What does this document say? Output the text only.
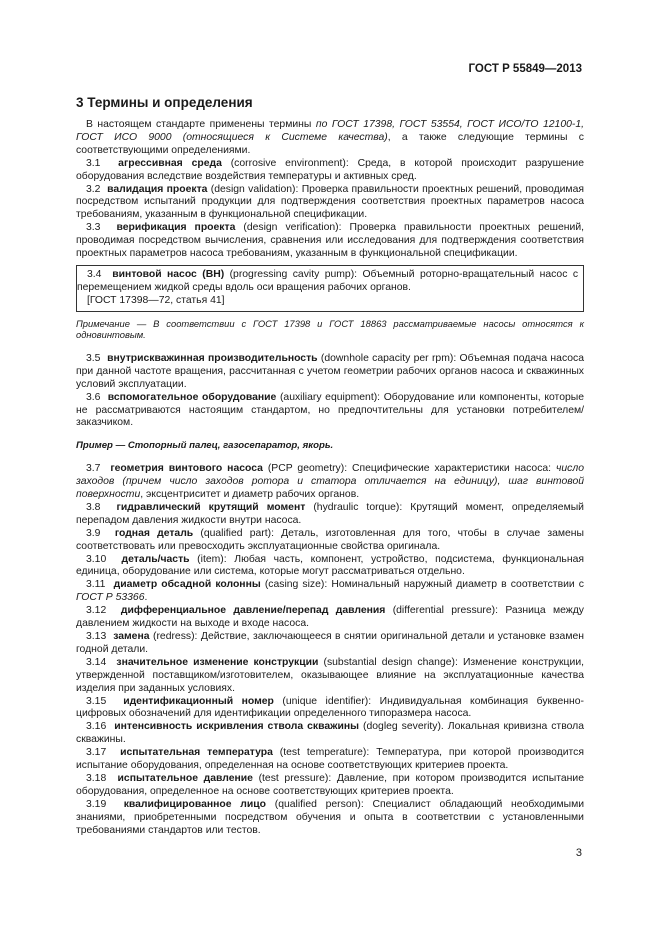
ГОСТ Р 55849—2013
3 Термины и определения

В настоящем стандарте применены термины по ГОСТ 17398, ГОСТ 53554, ГОСТ ИСО/ТО 12100-1, ГОСТ ИСО 9000 (относящиеся к Системе качества), а также следующие термины с соответствующими определениями.

3.1 агрессивная среда (corrosive environment): Среда, в которой происходит разрушение оборудования вследствие воздействия температуры и активных сред.

3.2 валидация проекта (design validation): Проверка правильности проектных решений, проводимая посредством испытаний продукции для подтверждения соответствия проектных параметров насоса требованиям, указанным в функциональной спецификации.

3.3 верификация проекта (design verification): Проверка правильности проектных решений, проводимая посредством вычисления, сравнения или исследования для подтверждения соответствия проектных параметров насоса требованиям, указанным в функциональной спецификации.

3.4 винтовой насос (ВН) (progressing cavity pump): Объемный роторно-вращательный насос с перемещением жидкой среды вдоль оси вращения рабочих органов.

[ГОСТ 17398—72, статья 41]

Примечание — В соответствии с ГОСТ 17398 и ГОСТ 18863 рассматриваемые насосы относятся к одновинтовым.

3.5 внутрискважинная производительность (downhole capacity per rpm): Объемная подача насоса при данной частоте вращения, рассчитанная с учетом геометрии рабочих органов насоса и скважинных условий эксплуатации.

3.6 вспомогательное оборудование (auxiliary equipment): Оборудование или компоненты, которые не рассматриваются настоящим стандартом, но предпочтительны для установки потребителем/заказчиком.

Пример — Стопорный палец, газосепаратор, якорь.

3.7 геометрия винтового насоса (PCP geometry): Специфические характеристики насоса: число заходов (причем число заходов ротора и статора отличается на единицу), шаг винтовой поверхности, эксцентриситет и диаметр рабочих органов.

3.8 гидравлический крутящий момент (hydraulic torque): Крутящий момент, определяемый перепадом давления жидкости внутри насоса.

3.9 годная деталь (qualified part): Деталь, изготовленная для того, чтобы в случае замены соответствовать или превосходить эксплуатационные свойства оригинала.

3.10 деталь/часть (item): Любая часть, компонент, устройство, подсистема, функциональная единица, оборудование или система, которые могут рассматриваться отдельно.

3.11 диаметр обсадной колонны (casing size): Номинальный наружный диаметр в соответствии с ГОСТ Р 53366.

3.12 дифференциальное давление/перепад давления (differential pressure): Разница между давлением жидкости на выходе и входе насоса.

3.13 замена (redress): Действие, заключающееся в снятии оригинальной детали и установке взамен годной детали.

3.14 значительное изменение конструкции (substantial design change): Изменение конструкции, утвержденной поставщиком/изготовителем, оказывающее влияние на эксплуатационные качества изделия при заданных условиях.

3.15 идентификационный номер (unique identifier): Индивидуальная комбинация буквенно-цифровых обозначений для идентификации определенного типоразмера насоса.

3.16 интенсивность искривления ствола скважины (dogleg severity). Локальная кривизна ствола скважины.

3.17 испытательная температура (test temperature): Температура, при которой производится испытание оборудования, определенная на основе соответствующих критериев проекта.

3.18 испытательное давление (test pressure): Давление, при котором производится испытание оборудования, определенное на основе соответствующих критериев проекта.

3.19 квалифицированное лицо (qualified person): Специалист обладающий необходимыми знаниями, приобретенными посредством обучения и опыта в соответствии с установленными требованиями стандартов или тестов.

3
